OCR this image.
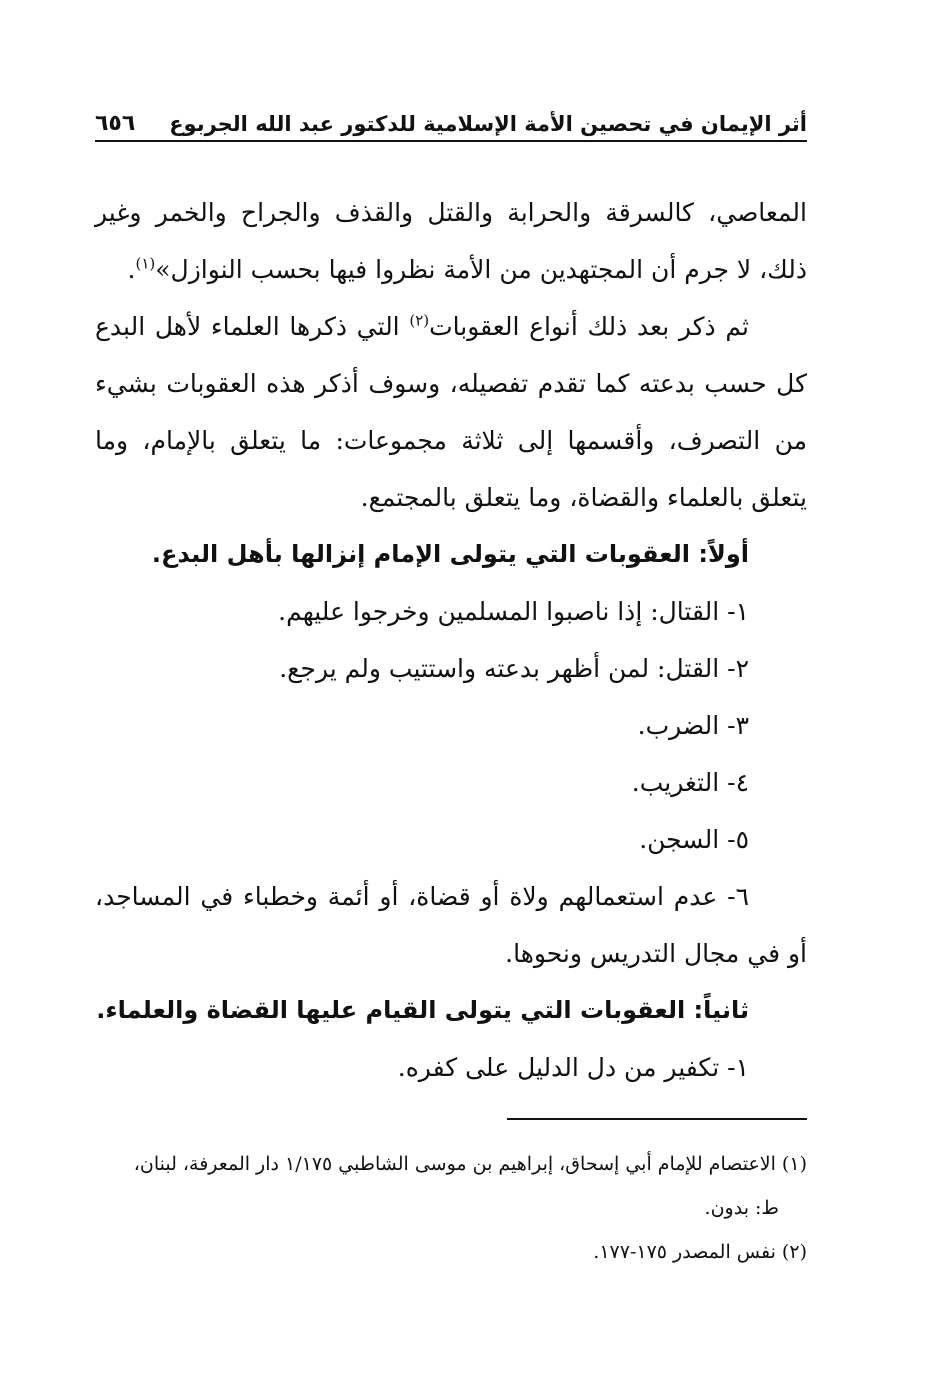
أثر الإيمان في تحصين الأمة الإسلامية للدكتور عبد الله الجربوع
٦٥٦

المعاصي، كالسرقة والحرابة والقتل والقذف والجراح والخمر وغير ذلك، لا جرم أن المجتهدين من الأمة نظروا فيها بحسب النوازل»$^{(١)}$.

ثم ذكر بعد ذلك أنواع العقوبات$^{(٢)}$ التي ذكرها العلماء لأهل البدع كل حسب بدعته كما تقدم تفصيله، وسوف أذكر هذه العقوبات بشيء من التصرف، وأقسمها إلى ثلاثة مجموعات: ما يتعلق بالإمام، وما يتعلق بالعلماء والقضاة، وما يتعلق بالمجتمع.

أولاً: العقوبات التي يتولى الإمام إنزالها بأهل البدع.

١- القتال: إذا ناصبوا المسلمين وخرجوا عليهم.

٢- القتل: لمن أظهر بدعته واستتيب ولم يرجع.

٣- الضرب.

٤- التغريب.

٥- السجن.

٦- عدم استعمالهم ولاة أو قضاة، أو أئمة وخطباء في المساجد، أو في مجال التدريس ونحوها.

ثانياً: العقوبات التي يتولى القيام عليها القضاة والعلماء.

١- تكفير من دل الدليل على كفره.

(١) الاعتصام للإمام أبي إسحاق، إبراهيم بن موسى الشاطبي ١/١٧٥ دار المعرفة، لبنان،

ط: بدون.

(٢) نفس المصدر ١٧٥-١٧٧.
